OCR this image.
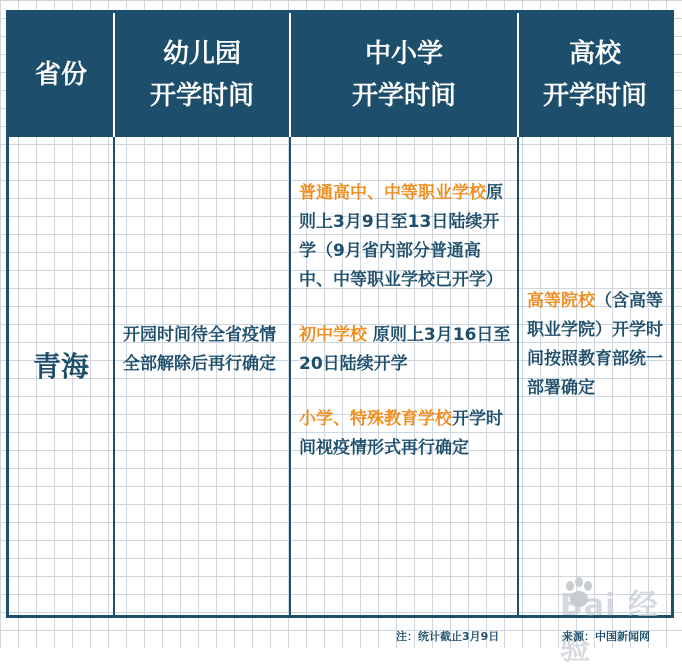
省份
幼儿园
开学时间
中小学
开学时间
高校
开学时间
青海
开园时间待全省疫情全部解除后再行确定

普通高中、中等职业学校原则上3月9日至13日陆续开学（9月省内部分普通高中、中等职业学校已开学）

初中学校 原则上3月16日至20日陆续开学

小学、特殊教育学校开学时间视疫情形式再行确定

高等院校（含高等职业学院）开学时间按照教育部统一部署确定
Bai 经验
注：统计截止3月9日	来源：中国新闻网
